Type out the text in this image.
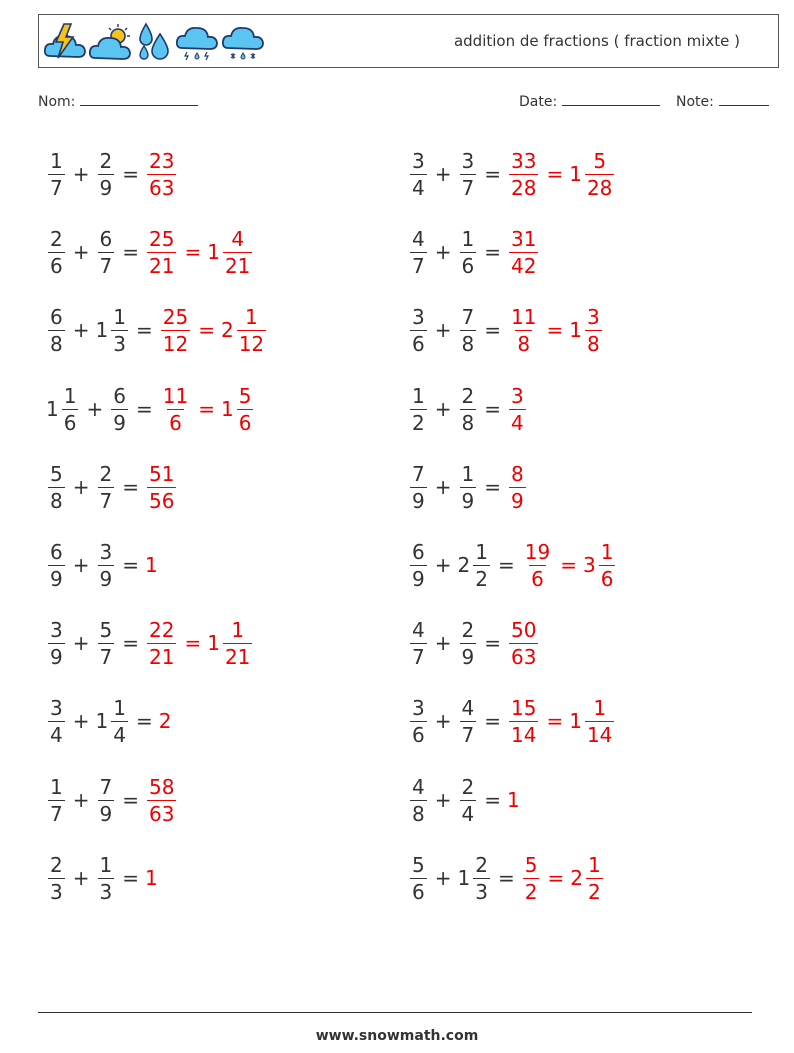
addition de fractions ( fraction mixte )
Nom:	Date:	Note:
$\frac{1}{7} + \frac{2}{9} = \frac{23}{63}$	$\frac{3}{4} + \frac{3}{7} = \frac{33}{28} = 1 \frac{5}{28}$
$\frac{2}{6} + \frac{6}{7} = \frac{25}{21} = 1 \frac{4}{21}$	$\frac{4}{7} + \frac{1}{6} = \frac{31}{42}$
$\frac{6}{8} + 1 \frac{1}{3} = \frac{25}{12} = 2 \frac{1}{12}$	$\frac{3}{6} + \frac{7}{8} = \frac{11}{8} = 1 \frac{3}{8}$
$1 \frac{1}{6} + \frac{6}{9} = \frac{11}{6} = 1 \frac{5}{6}$	$\frac{1}{2} + \frac{2}{8} = \frac{3}{4}$
$\frac{5}{8} + \frac{2}{7} = \frac{51}{56}$	$\frac{7}{9} + \frac{1}{9} = \frac{8}{9}$
$\frac{6}{9} + \frac{3}{9} = 1$	$\frac{6}{9} + 2 \frac{1}{2} = \frac{19}{6} = 3 \frac{1}{6}$
$\frac{3}{9} + \frac{5}{7} = \frac{22}{21} = 1 \frac{1}{21}$	$\frac{4}{7} + \frac{2}{9} = \frac{50}{63}$
$\frac{3}{4} + 1 \frac{1}{4} = 2$	$\frac{3}{6} + \frac{4}{7} = \frac{15}{14} = 1 \frac{1}{14}$
$\frac{1}{7} + \frac{7}{9} = \frac{58}{63}$	$\frac{4}{8} + \frac{2}{4} = 1$
$\frac{2}{3} + \frac{1}{3} = 1$	$\frac{5}{6} + 1 \frac{2}{3} = \frac{5}{2} = 2 \frac{1}{2}$
www.snowmath.com
